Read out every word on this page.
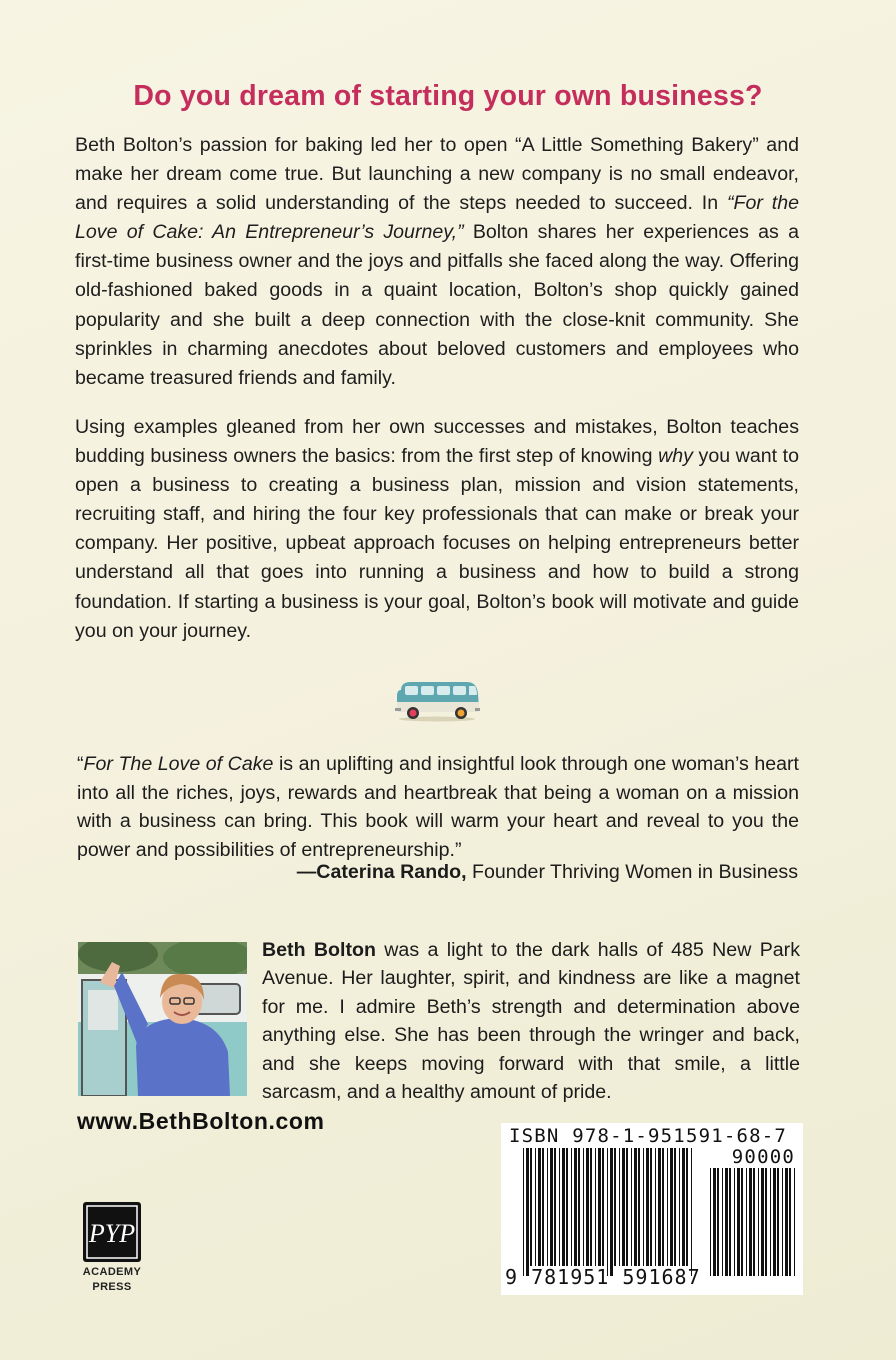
Do you dream of starting your own business?

Beth Bolton’s passion for baking led her to open “A Little Something Bakery” and make her dream come true. But launching a new company is no small endeavor, and requires a solid understanding of the steps needed to succeed. In “For the Love of Cake: An Entrepreneur’s Journey,” Bolton shares her experiences as a first-time business owner and the joys and pitfalls she faced along the way. Offering old-fashioned baked goods in a quaint location, Bolton’s shop quickly gained popularity and she built a deep connection with the close-knit community. She sprinkles in charming anecdotes about beloved customers and employees who became treasured friends and family.

Using examples gleaned from her own successes and mistakes, Bolton teaches budding business owners the basics: from the first step of knowing why you want to open a business to creating a business plan, mission and vision statements, recruiting staff, and hiring the four key professionals that can make or break your company. Her positive, upbeat approach focuses on helping entrepreneurs better understand all that goes into running a business and how to build a strong foundation. If starting a business is your goal, Bolton’s book will motivate and guide you on your journey.

“For The Love of Cake is an uplifting and insightful look through one woman’s heart into all the riches, joys, rewards and heartbreak that being a woman on a mission with a business can bring. This book will warm your heart and reveal to you the power and possibilities of entrepreneurship.”

—Caterina Rando, Founder Thriving Women in Business

Beth Bolton was a light to the dark halls of 485 New Park Avenue. Her laughter, spirit, and kindness are like a magnet for me. I admire Beth’s strength and determination above anything else. She has been through the wringer and back, and she keeps moving forward with that smile, a little sarcasm, and a healthy amount of pride.

www.BethBolton.com
ISBN 978-1-951591-68-7
90000
9 781951 591687
PYP
ACADEMY
PRESS
